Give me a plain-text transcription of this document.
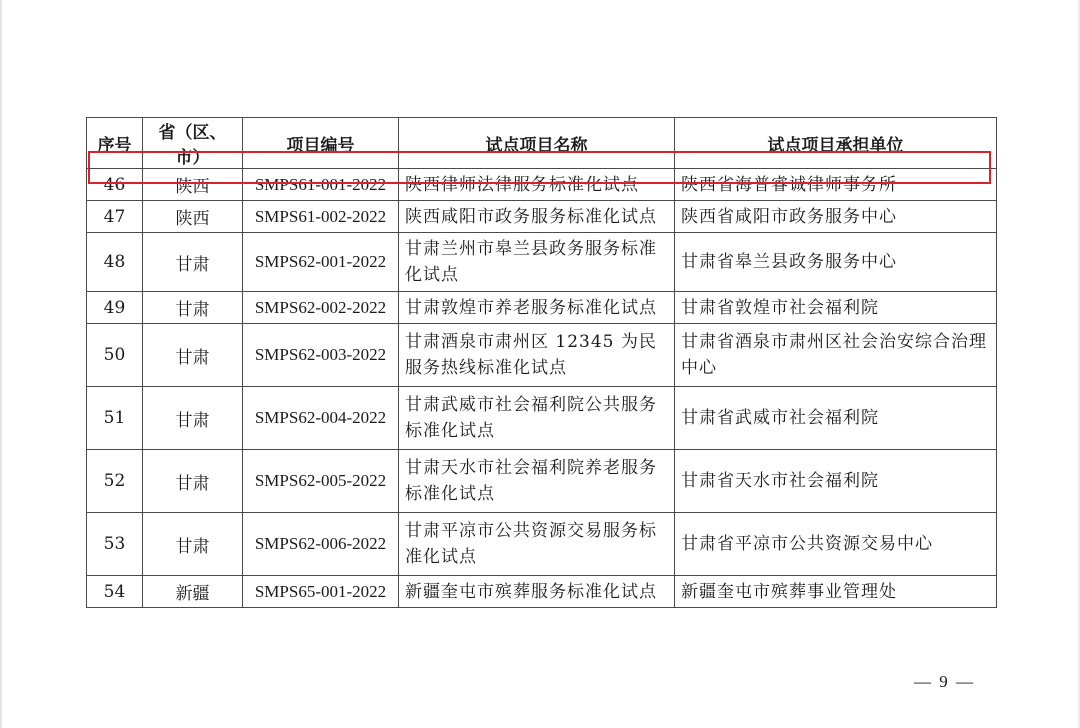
序号	省（区、市）	项目编号	试点项目名称	试点项目承担单位
46	陕西	SMPS61-001-2022	陕西律师法律服务标准化试点	陕西省海普睿诚律师事务所
47	陕西	SMPS61-002-2022	陕西咸阳市政务服务标准化试点	陕西省咸阳市政务服务中心
48	甘肃	SMPS62-001-2022	甘肃兰州市皋兰县政务服务标准化试点	甘肃省皋兰县政务服务中心
49	甘肃	SMPS62-002-2022	甘肃敦煌市养老服务标准化试点	甘肃省敦煌市社会福利院
50	甘肃	SMPS62-003-2022	甘肃酒泉市肃州区 12345 为民服务热线标准化试点	甘肃省酒泉市肃州区社会治安综合治理中心
51	甘肃	SMPS62-004-2022	甘肃武威市社会福利院公共服务标准化试点	甘肃省武威市社会福利院
52	甘肃	SMPS62-005-2022	甘肃天水市社会福利院养老服务标准化试点	甘肃省天水市社会福利院
53	甘肃	SMPS62-006-2022	甘肃平凉市公共资源交易服务标准化试点	甘肃省平凉市公共资源交易中心
54	新疆	SMPS65-001-2022	新疆奎屯市殡葬服务标准化试点	新疆奎屯市殡葬事业管理处
— 9 —
